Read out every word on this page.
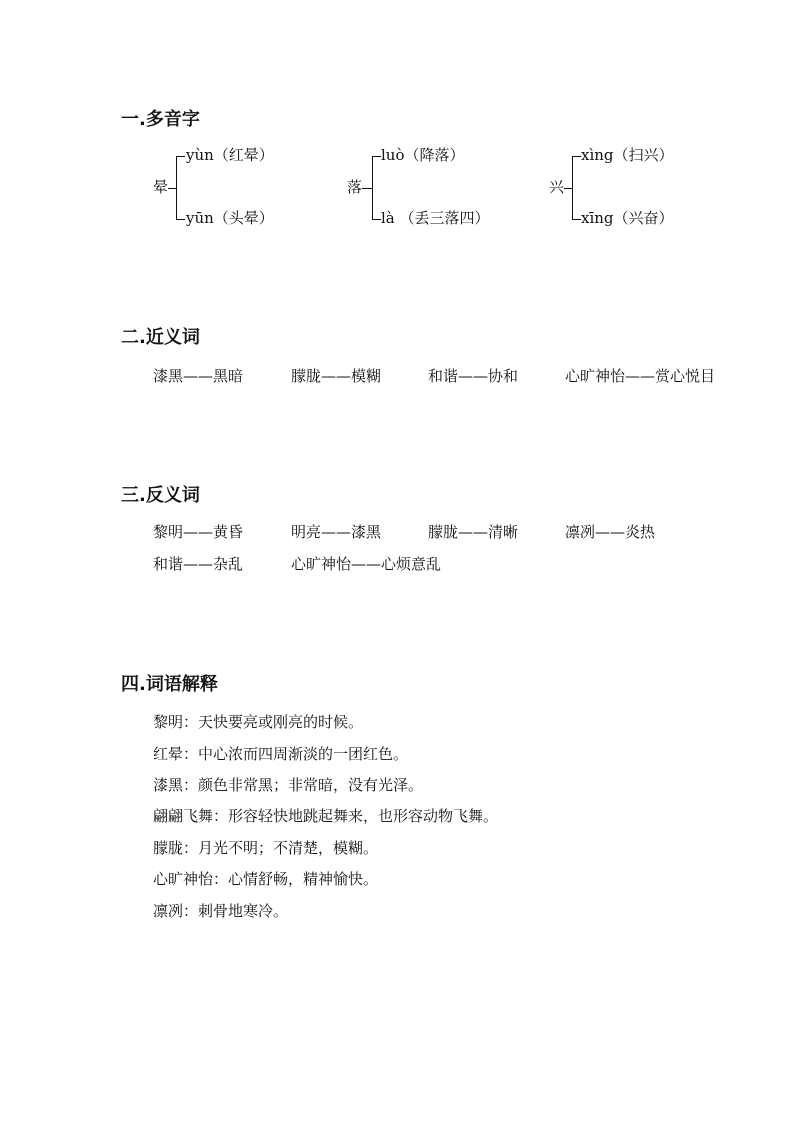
一.多音字
晕
yùn（红晕）
yūn（头晕）
落
luò（降落）
là （丢三落四）
兴
xìng（扫兴）
xīng（兴奋）
二.近义词
漆黑——黑暗	朦胧——模糊	和谐——协和	心旷神怡——赏心悦目
三.反义词
黎明——黄昏	明亮——漆黑	朦胧——清晰	凛冽——炎热
和谐——杂乱	心旷神怡——心烦意乱
四.词语解释
黎明：天快要亮或刚亮的时候。
红晕：中心浓而四周渐淡的一团红色。
漆黑：颜色非常黑；非常暗，没有光泽。
翩翩飞舞：形容轻快地跳起舞来，也形容动物飞舞。
朦胧：月光不明；不清楚，模糊。
心旷神怡：心情舒畅，精神愉快。
凛冽：刺骨地寒冷。
